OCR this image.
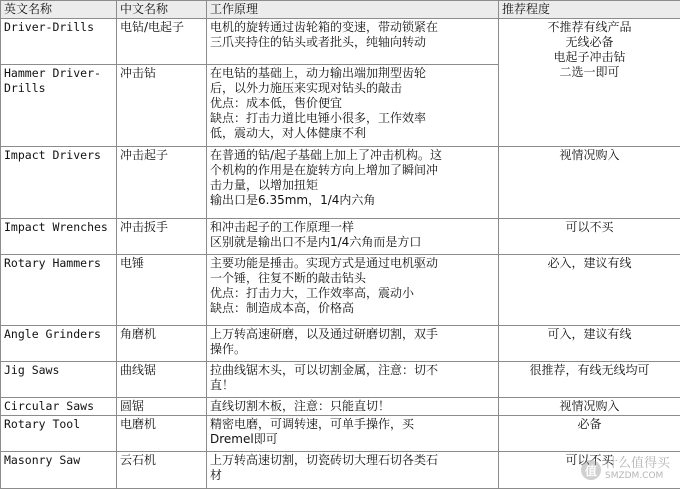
英文名称	中文名称	工作原理	推荐程度
Driver-Drills	电钻/电起子	电机的旋转通过齿轮箱的变速，带动锁紧在
三爪夹持住的钻头或者批头，纯轴向转动	不推荐有线产品
无线必备
电起子冲击钻
二选一即可

Hammer Driver-Drills	冲击钻	在电钻的基础上，动力输出端加荆型齿轮
后，以外力施压来实现对钻头的敲击
优点：成本低，售价便宜
缺点：打击力道比电锤小很多，工作效率
低，震动大，对人体健康不利	

Impact Drivers	冲击起子	在普通的钻/起子基础上加上了冲击机构。这
个机构的作用是在旋转方向上增加了瞬间冲
击力量，以增加扭矩
输出口是6.35mm，1/4内六角	视情况购入

Impact Wrenches	冲击扳手	和冲击起子的工作原理一样
区别就是输出口不是内1/4六角而是方口	可以不买

Rotary Hammers	电锤	主要功能是捶击。实现方式是通过电机驱动
一个锤，往复不断的敲击钻头
优点：打击力大，工作效率高，震动小
缺点：制造成本高，价格高	必入，建议有线

Angle Grinders	角磨机	上万转高速研磨，以及通过研磨切割，双手
操作。	可入，建议有线

Jig Saws	曲线锯	拉曲线锯木头，可以切割金属，注意：切不
直！	很推荐，有线无线均可

Circular Saws	圆锯	直线切割木板，注意：只能直切！	视情况购入

Rotary Tool	电磨机	精密电磨，可调转速，可单手操作，买
Dremel即可	必备

Masonry Saw	云石机	上万转高速切割，切瓷砖切大理石切各类石
材	可以不买
值 什么值得买
SMZDM.COM
